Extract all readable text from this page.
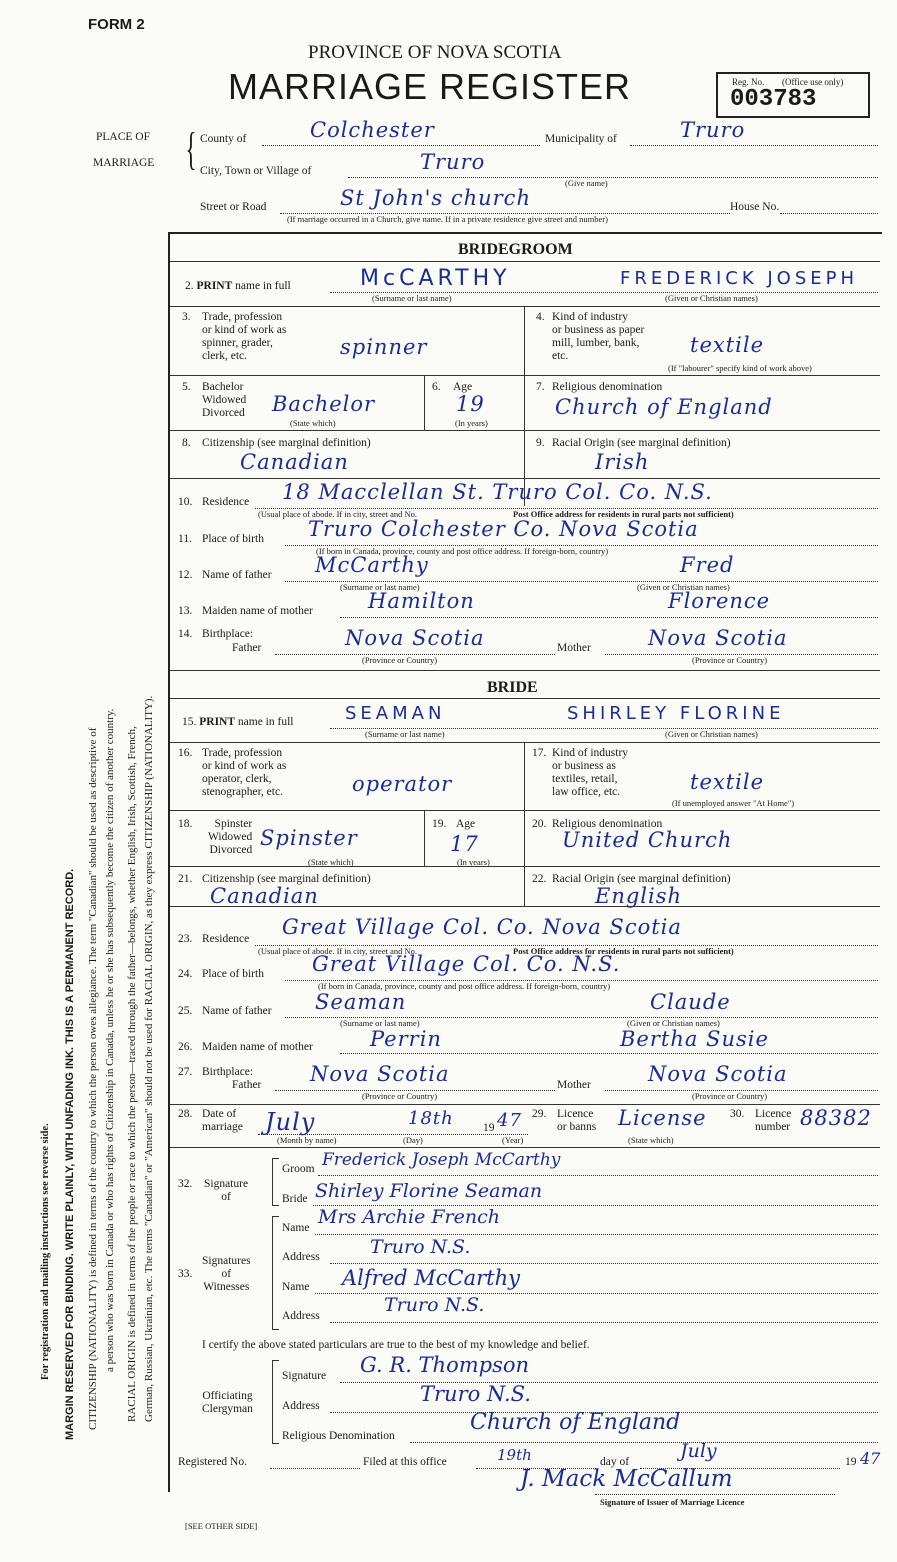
FORM 2
PROVINCE OF NOVA SCOTIA
MARRIAGE REGISTER	Reg. No. (Office use only)
003783
PLACE OF
MARRIAGE { County of	Colchester	Municipality of	Truro
City, Town or Village of	Truro
(Give name)
Street or Road	St John's church	House No.
(If marriage occurred in a Church, give name. If in a private residence give street and number)
BRIDEGROOM
2. PRINT name in full	McCARTHY	FREDERICK JOSEPH
(Surname or last name)	(Given or Christian names)
3. Trade, profession
or kind of work as
spinner, grader,
clerk, etc.	spinner
4. Kind of industry
or business as paper
mill, lumber, bank,
etc.	textile
(If "labourer" specify kind of work above)
5. Bachelor
Widowed
Divorced Bachelor
(State which)
6. Age
19
(In years)
7. Religious denomination
Church of England
8. Citizenship (see marginal definition)
Canadian
9. Racial Origin (see marginal definition)
Irish
10. Residence 18 Macclellan St. Truro Col. Co. N.S.
(Usual place of abode. If in city, street and No.	Post Office address for residents in rural parts not sufficient)
11. Place of birth Truro Colchester Co. Nova Scotia
(If born in Canada, province, county and post office address. If foreign-born, country)
12. Name of father McCarthy	Fred
(Surname or last name)	(Given or Christian names)
13. Maiden name of mother	Hamilton	Florence
14. Birthplace:
Father	Nova Scotia	Mother	Nova Scotia
(Province or Country)	(Province or Country)
BRIDE
15. PRINT name in full	SEAMAN	SHIRLEY FLORINE
(Surname or last name)	(Given or Christian names)
16. Trade, profession
or kind of work as
operator, clerk,
stenographer, etc.	operator
17. Kind of industry
or business as
textiles, retail,
law office, etc.	textile
(If unemployed answer "At Home")
18.	Spinster
Widowed
Divorced Spinster
(State which)
19. Age
17
(In years)
20. Religious denomination
United Church
21. Citizenship (see marginal definition)
Canadian
22. Racial Origin (see marginal definition)
English
23. Residence Great Village Col. Co. Nova Scotia
(Usual place of abode. If in city, street and No.	Post Office address for residents in rural parts not sufficient)
24. Place of birth Great Village Col. Co. N.S.
(If born in Canada, province, county and post office address. If foreign-born, country)
25. Name of father Seaman	Claude
(Surname or last name)	(Given or Christian names)
26. Maiden name of mother	Perrin	Bertha Susie
27. Birthplace:
Father Nova Scotia	Mother	Nova Scotia
(Province or Country)	(Province or Country)
28. Date of
marriage July	18th	19 47
(Month by name)	(Day)	(Year)
29. Licence
or banns License
(State which)
30. Licence
number 88382
32. Signature
of
Groom Frederick Joseph McCarthy
Bride Shirley Florine Seaman
33.
Signatures
of
Witnesses
Name Mrs Archie French
Address	Truro N.S.
Name Alfred McCarthy
Address	Truro N.S.
I certify the above stated particulars are true to the best of my knowledge and belief.
Officiating
Clergyman
Signature G. R. Thompson
Address	Truro N.S.
Religious Denomination
Church of England
Registered No.	Filed at this office	19th	day of	July	19 47
J. Mack McCallum
Signature of Issuer of Marriage Licence
[SEE OTHER SIDE]
For registration and mailing instructions see reverse side. MARGIN RESERVED FOR BINDING. WRITE PLAINLY, WITH UNFADING INK. THIS IS A PERMANENT RECORD. CITIZENSHIP (NATIONALITY) is defined in terms of the country to which the person owes allegiance. The term "Canadian" should be used as descriptive of a person who was born in Canada or who has rights of Citizenship in Canada, unless he or she has subsequently become the citizen of another country. RACIAL ORIGIN is defined in terms of the people or race to which the person—traced through the father—belongs, whether English, Irish, Scottish, French, German, Russian, Ukrainian, etc. The terms "Canadian" or "American" should not be used for RACIAL ORIGIN, as they express CITIZENSHIP (NATIONALITY).
